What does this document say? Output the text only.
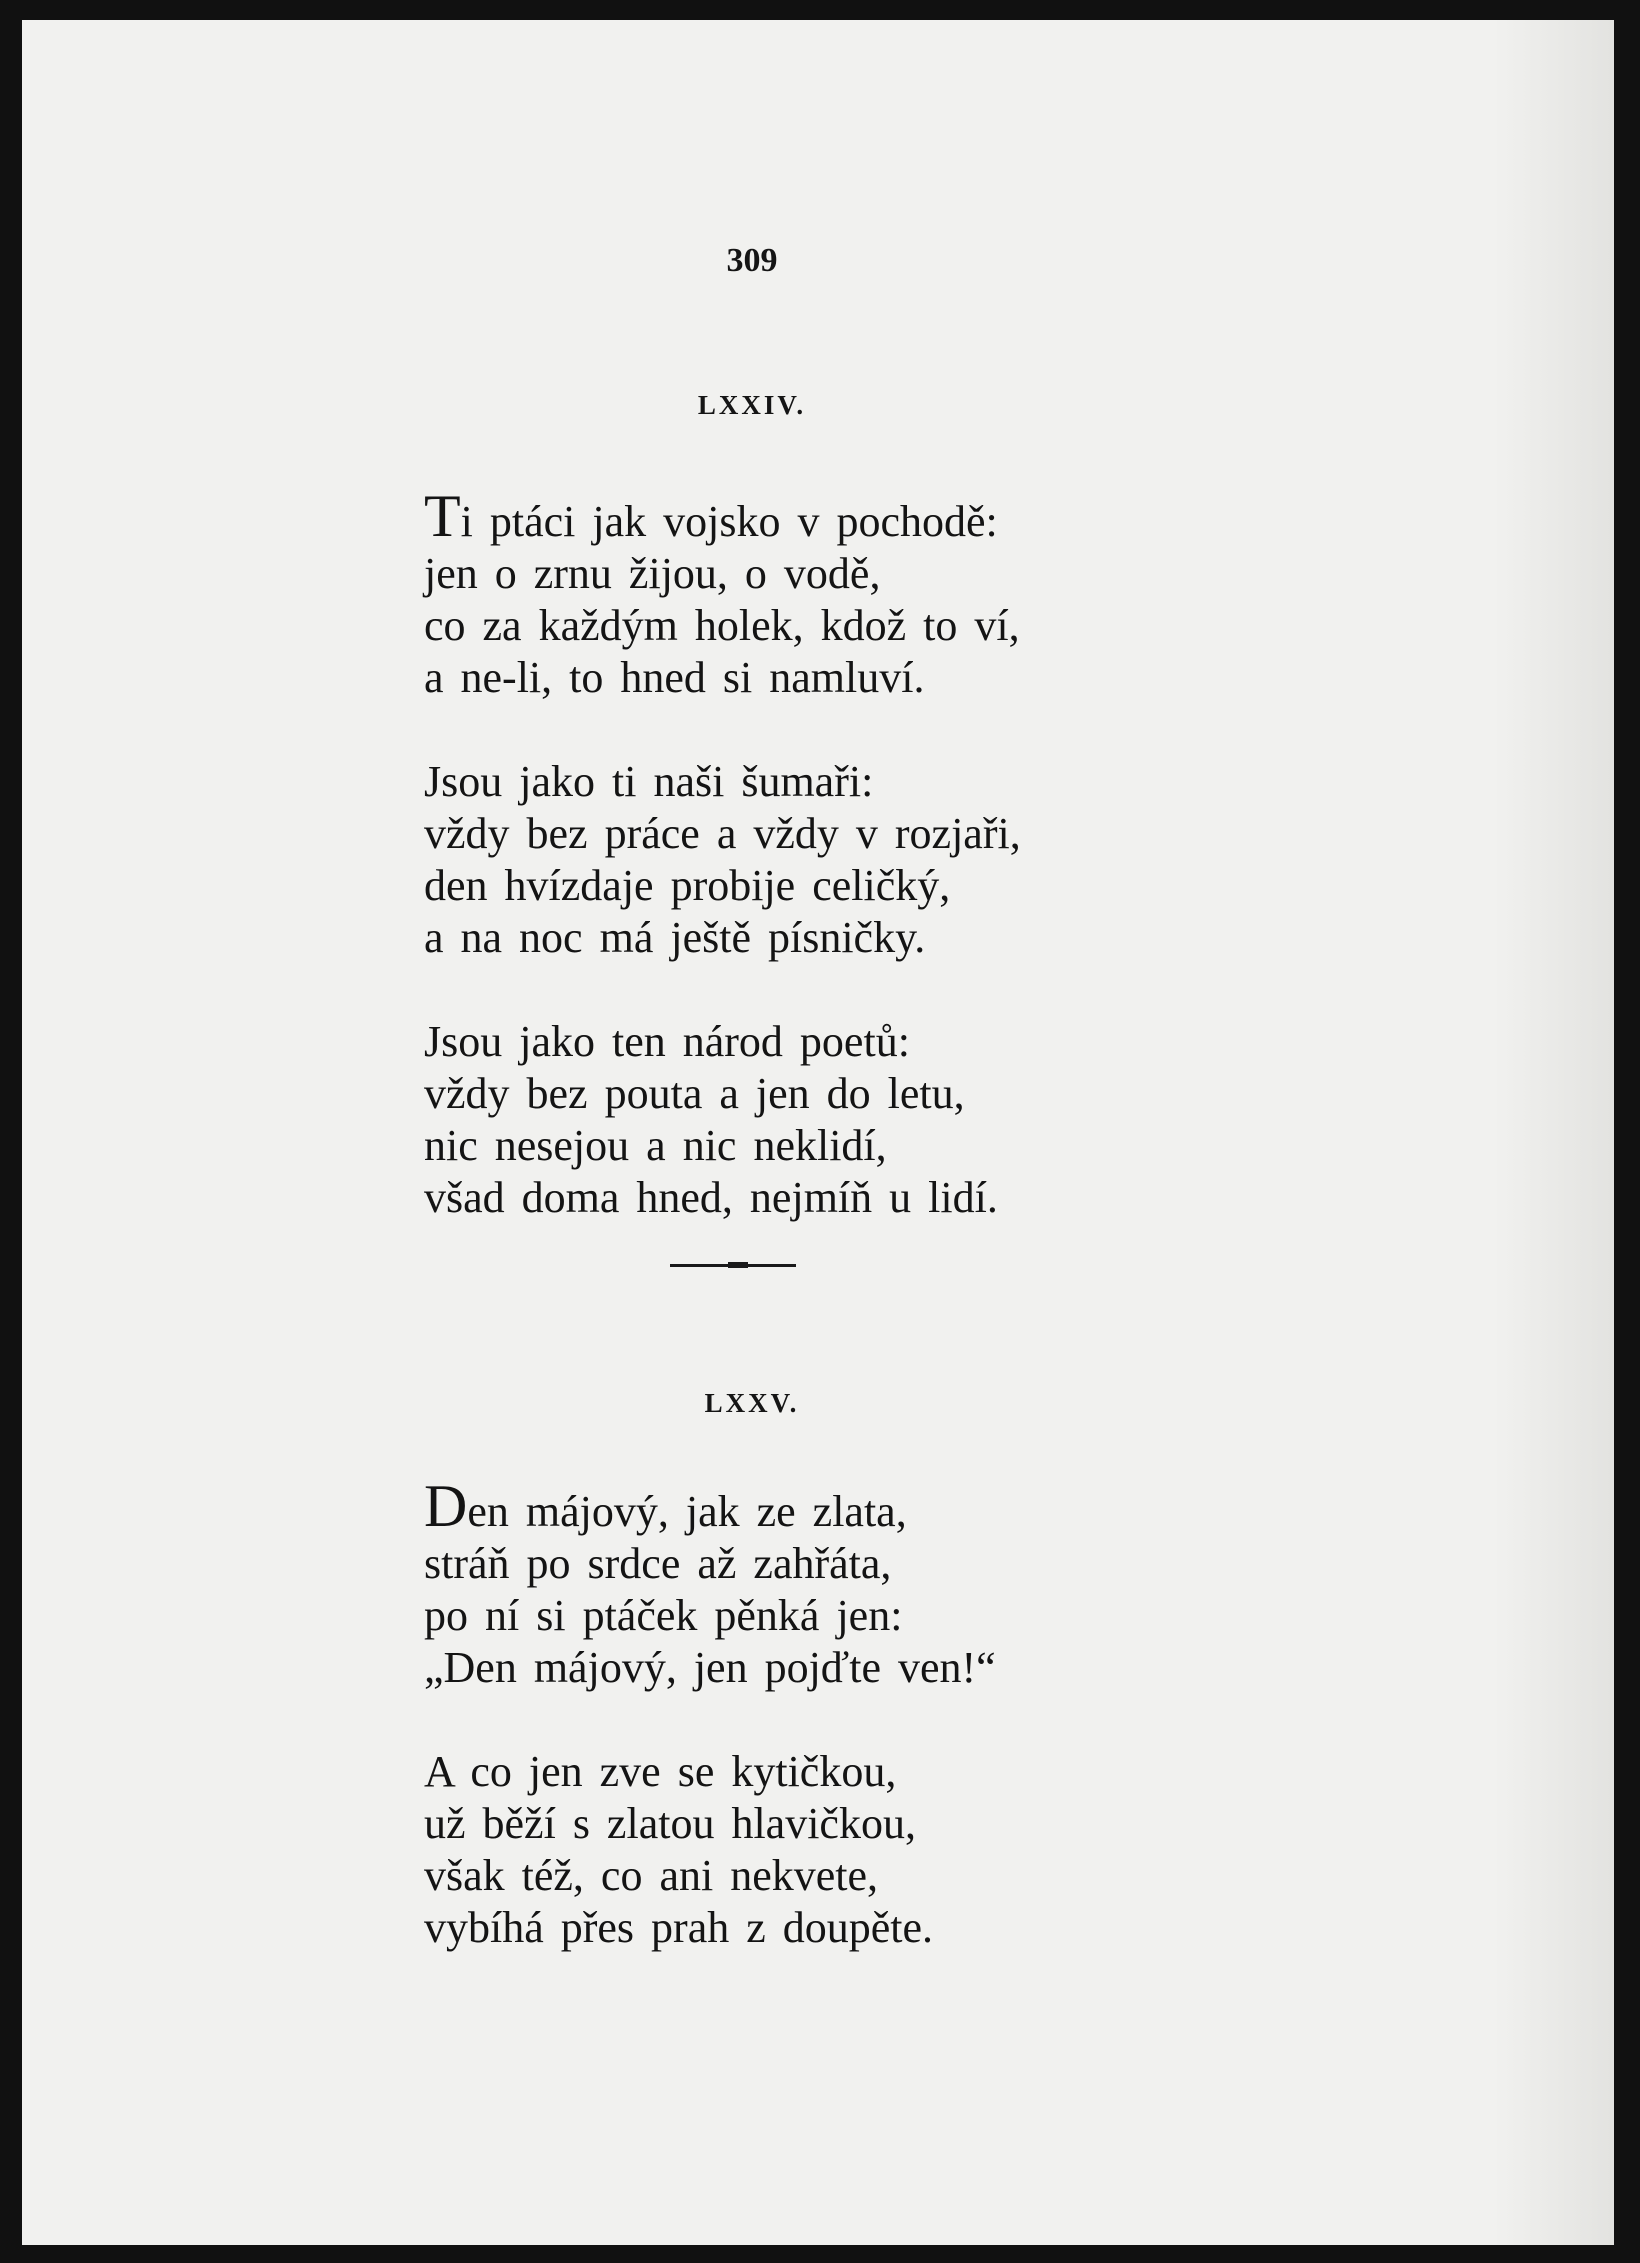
309
LXXIV.
Ti ptáci jak vojsko v pochodě:
jen o zrnu žijou, o vodě,
co za každým holek, kdož to ví,
a ne-li, to hned si namluví.
Jsou jako ti naši šumaři:
vždy bez práce a vždy v rozjaři,
den hvízdaje probije celičký,
a na noc má ještě písničky.
Jsou jako ten národ poetů:
vždy bez pouta a jen do letu,
nic nesejou a nic neklidí,
všad doma hned, nejmíň u lidí.
LXXV.
Den májový, jak ze zlata,
stráň po srdce až zahřáta,
po ní si ptáček pěnká jen:
„Den májový, jen pojďte ven!“
A co jen zve se kytičkou,
už běží s zlatou hlavičkou,
však též, co ani nekvete,
vybíhá přes prah z doupěte.
